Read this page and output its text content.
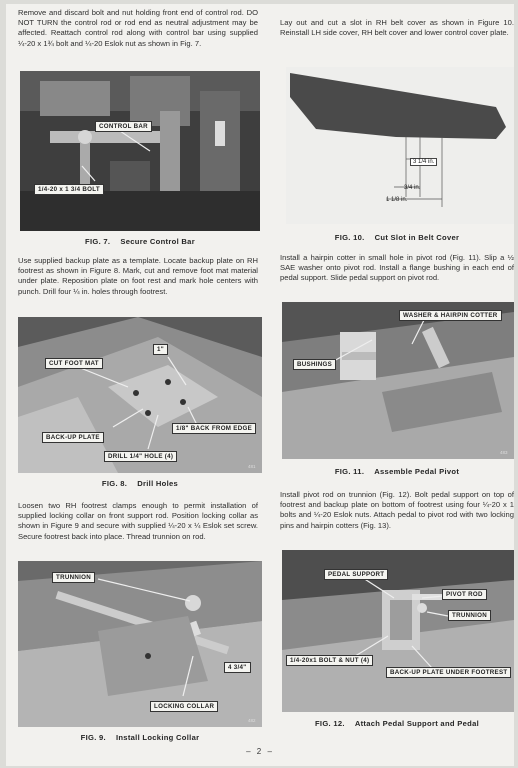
Remove and discard bolt and nut holding front end of control rod. DO NOT TURN the control rod or rod end as neutral adjustment may be affected. Reattach control rod along with control bar using supplied ¼-20 x 1¾ bolt and ¼-20 Eslok nut as shown in Fig. 7.

CONTROL BAR
1/4-20 x 1 3/4 BOLT
FIG. 7. Secure Control Bar

Use supplied backup plate as a template. Locate backup plate on RH footrest as shown in Figure 8. Mark, cut and remove foot mat material under plate. Reposition plate on foot rest and mark hole centers with punch. Drill four ¼ in. holes through footrest.

CUT FOOT MAT
1"
BACK-UP PLATE
1/8" BACK FROM EDGE
DRILL 1/4" HOLE (4)
481
FIG. 8. Drill Holes

Loosen two RH footrest clamps enough to permit installation of supplied locking collar on front support rod. Position locking collar as shown in Figure 9 and secure with supplied ¼-20 x ¼ Eslok set screw. Secure footrest back into place. Thread trunnion on rod.

TRUNNION
4 3/4"
LOCKING COLLAR
482
FIG. 9. Install Locking Collar

Lay out and cut a slot in RH belt cover as shown in Figure 10. Reinstall LH side cover, RH belt cover and lower control cover plate.

3 1/4 in.
3/4 in.
1 1/8 in.
FIG. 10. Cut Slot in Belt Cover

Install a hairpin cotter in small hole in pivot rod (Fig. 11). Slip a ½ SAE washer onto pivot rod. Install a flange bushing in each end of pedal support. Slide pedal support on pivot rod.

WASHER & HAIRPIN COTTER
BUSHINGS
483
FIG. 11. Assemble Pedal Pivot

Install pivot rod on trunnion (Fig. 12). Bolt pedal support on top of footrest and backup plate on bottom of footrest using four ¼-20 x 1 bolts and ¼-20 Eslok nuts. Attach pedal to pivot rod with two locking pins and hairpin cotters (Fig. 13).

PEDAL SUPPORT
PIVOT ROD
TRUNNION
1/4-20x1 BOLT & NUT (4)
BACK-UP PLATE UNDER FOOTREST
FIG. 12. Attach Pedal Support and Pedal
– 2 –
